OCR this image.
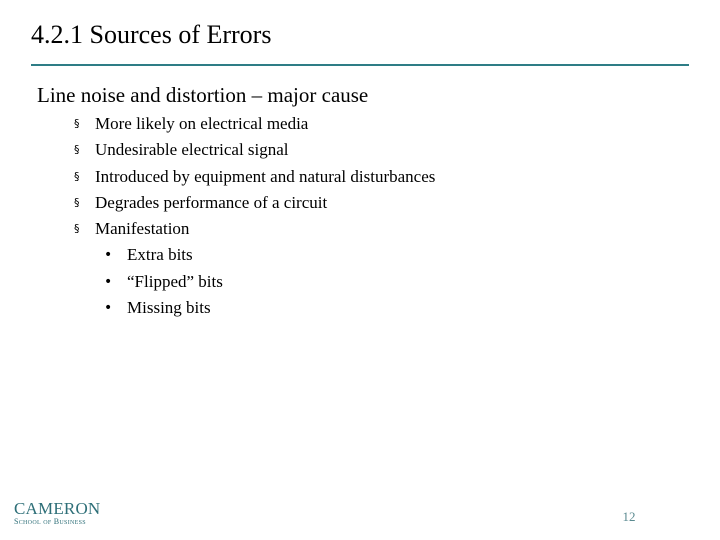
4.2.1 Sources of Errors
Line noise and distortion – major cause
§ More likely on electrical media
§ Undesirable electrical signal
§ Introduced by equipment and natural disturbances
§ Degrades performance of a circuit
§ Manifestation
• Extra bits
• “Flipped” bits
• Missing bits
CAMERON
School of Business	12
